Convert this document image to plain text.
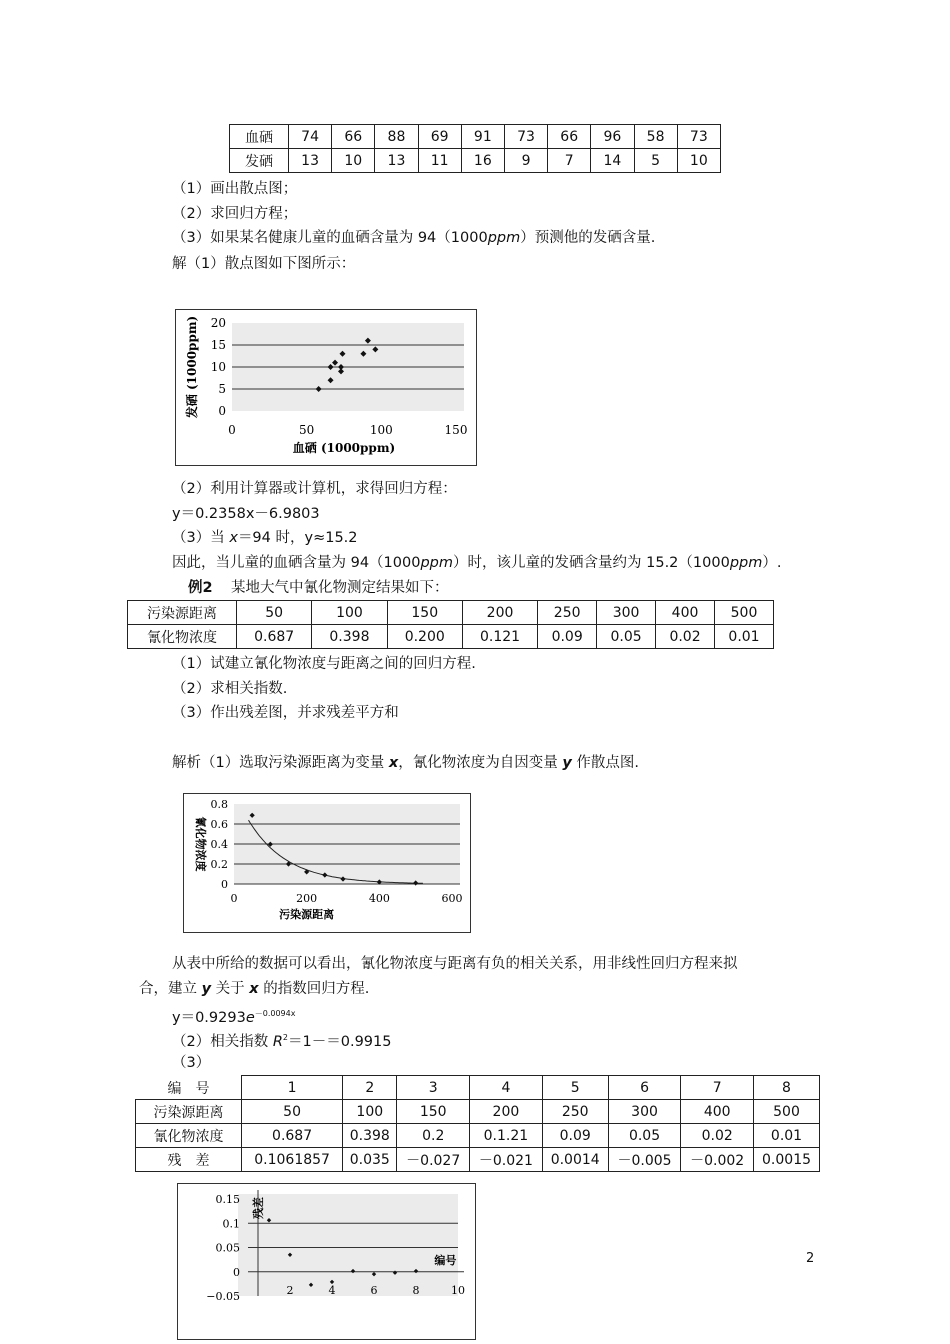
血硒	74	66	88	69	91	73	66	96	58	73
发硒	13	10	13	11	16	9	7	14	5	10
（1）画出散点图；
（2）求回归方程；
（3）如果某名健康儿童的血硒含量为 94（1000ppm）预测他的发硒含量.
解（1）散点图如下图所示：
0
5
10
15
20
0	50	100	150
血硒 (1000ppm)
发硒 (1000ppm)
（2）利用计算器或计算机，求得回归方程：
y＝0.2358x－6.9803
（3）当 x＝94 时，y≈15.2
因此，当儿童的血硒含量为 94（1000ppm）时，该儿童的发硒含量约为 15.2（1000ppm）.
例2 某地大气中氰化物测定结果如下：
污染源距离	50	100	150	200	250	300	400	500
氰化物浓度	0.687	0.398	0.200	0.121	0.09	0.05	0.02	0.01
（1）试建立氰化物浓度与距离之间的回归方程.
（2）求相关指数.
（3）作出残差图，并求残差平方和
解析（1）选取污染源距离为变量 x，氰化物浓度为自因变量 y 作散点图.
0
0.2
0.4
0.6
0.8
0	200	400	600
污染源距离
氰化物浓度
从表中所给的数据可以看出，氰化物浓度与距离有负的相关关系，用非线性回归方程来拟
合，建立 y 关于 x 的指数回归方程.
$y=0.9293e^{-0.0094x}$
（2）相关指数 $R^2=1-=0.9915$
（3）
编　号	1	2	3	4	5	6	7	8
污染源距离	50	100	150	200	250	300	400	500
氰化物浓度	0.687	0.398	0.2	0.1.21	0.09	0.05	0.02	0.01
残　差	0.1061857	0.035	－0.027	－0.021	0.0014	－0.005	－0.002	0.0015
−0.05
0
0.05
0.1
0.15
2	4	6	8	10
编号
残差
2
